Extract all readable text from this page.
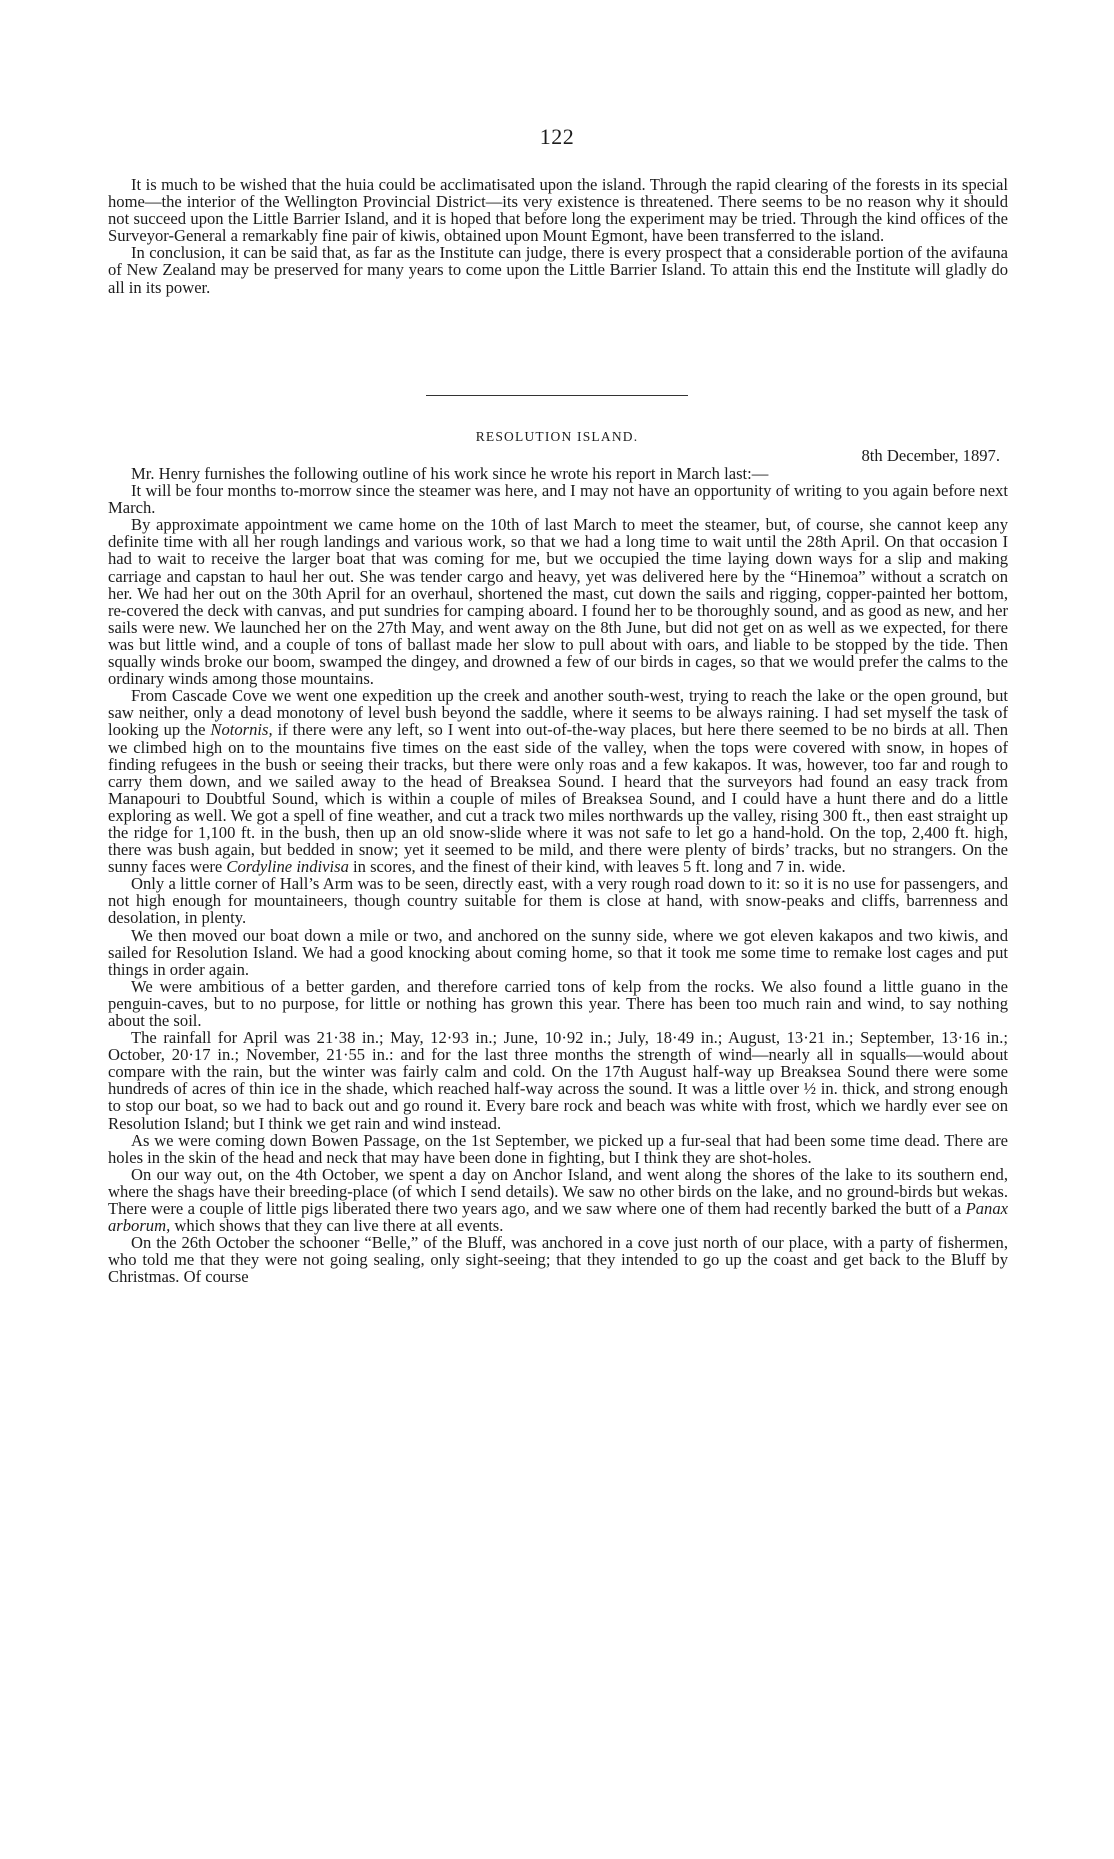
122

It is much to be wished that the huia could be acclimatisated upon the island. Through the rapid clearing of the forests in its special home—the interior of the Wellington Provincial District—its very existence is threatened. There seems to be no reason why it should not succeed upon the Little Barrier Island, and it is hoped that before long the experiment may be tried. Through the kind offices of the Surveyor-General a remarkably fine pair of kiwis, obtained upon Mount Egmont, have been transferred to the island.

In conclusion, it can be said that, as far as the Institute can judge, there is every prospect that a considerable portion of the avifauna of New Zealand may be preserved for many years to come upon the Little Barrier Island. To attain this end the Institute will gladly do all in its power.

RESOLUTION ISLAND.
8th December, 1897.

Mr. Henry furnishes the following outline of his work since he wrote his report in March last:—

It will be four months to-morrow since the steamer was here, and I may not have an opportunity of writing to you again before next March.

By approximate appointment we came home on the 10th of last March to meet the steamer, but, of course, she cannot keep any definite time with all her rough landings and various work, so that we had a long time to wait until the 28th April. On that occasion I had to wait to receive the larger boat that was coming for me, but we occupied the time laying down ways for a slip and making carriage and capstan to haul her out. She was tender cargo and heavy, yet was delivered here by the “Hinemoa” without a scratch on her. We had her out on the 30th April for an overhaul, shortened the mast, cut down the sails and rigging, copper-painted her bottom, re-covered the deck with canvas, and put sundries for camping aboard. I found her to be thoroughly sound, and as good as new, and her sails were new. We launched her on the 27th May, and went away on the 8th June, but did not get on as well as we expected, for there was but little wind, and a couple of tons of ballast made her slow to pull about with oars, and liable to be stopped by the tide. Then squally winds broke our boom, swamped the dingey, and drowned a few of our birds in cages, so that we would prefer the calms to the ordinary winds among those mountains.

From Cascade Cove we went one expedition up the creek and another south-west, trying to reach the lake or the open ground, but saw neither, only a dead monotony of level bush beyond the saddle, where it seems to be always raining. I had set myself the task of looking up the Notornis, if there were any left, so I went into out-of-the-way places, but here there seemed to be no birds at all. Then we climbed high on to the mountains five times on the east side of the valley, when the tops were covered with snow, in hopes of finding refugees in the bush or seeing their tracks, but there were only roas and a few kakapos. It was, however, too far and rough to carry them down, and we sailed away to the head of Breaksea Sound. I heard that the surveyors had found an easy track from Manapouri to Doubtful Sound, which is within a couple of miles of Breaksea Sound, and I could have a hunt there and do a little exploring as well. We got a spell of fine weather, and cut a track two miles northwards up the valley, rising 300 ft., then east straight up the ridge for 1,100 ft. in the bush, then up an old snow-slide where it was not safe to let go a hand-hold. On the top, 2,400 ft. high, there was bush again, but bedded in snow; yet it seemed to be mild, and there were plenty of birds’ tracks, but no strangers. On the sunny faces were Cordyline indivisa in scores, and the finest of their kind, with leaves 5 ft. long and 7 in. wide.

Only a little corner of Hall’s Arm was to be seen, directly east, with a very rough road down to it: so it is no use for passengers, and not high enough for mountaineers, though country suitable for them is close at hand, with snow-peaks and cliffs, barrenness and desolation, in plenty.

We then moved our boat down a mile or two, and anchored on the sunny side, where we got eleven kakapos and two kiwis, and sailed for Resolution Island. We had a good knocking about coming home, so that it took me some time to remake lost cages and put things in order again.

We were ambitious of a better garden, and therefore carried tons of kelp from the rocks. We also found a little guano in the penguin-caves, but to no purpose, for little or nothing has grown this year. There has been too much rain and wind, to say nothing about the soil.

The rainfall for April was 21·38 in.; May, 12·93 in.; June, 10·92 in.; July, 18·49 in.; August, 13·21 in.; September, 13·16 in.; October, 20·17 in.; November, 21·55 in.: and for the last three months the strength of wind—nearly all in squalls—would about compare with the rain, but the winter was fairly calm and cold. On the 17th August half-way up Breaksea Sound there were some hundreds of acres of thin ice in the shade, which reached half-way across the sound. It was a little over ½ in. thick, and strong enough to stop our boat, so we had to back out and go round it. Every bare rock and beach was white with frost, which we hardly ever see on Resolution Island; but I think we get rain and wind instead.

As we were coming down Bowen Passage, on the 1st September, we picked up a fur-seal that had been some time dead. There are holes in the skin of the head and neck that may have been done in fighting, but I think they are shot-holes.

On our way out, on the 4th October, we spent a day on Anchor Island, and went along the shores of the lake to its southern end, where the shags have their breeding-place (of which I send details). We saw no other birds on the lake, and no ground-birds but wekas. There were a couple of little pigs liberated there two years ago, and we saw where one of them had recently barked the butt of a Panax arborum, which shows that they can live there at all events.

On the 26th October the schooner “Belle,” of the Bluff, was anchored in a cove just north of our place, with a party of fishermen, who told me that they were not going sealing, only sight-seeing; that they intended to go up the coast and get back to the Bluff by Christmas. Of course
